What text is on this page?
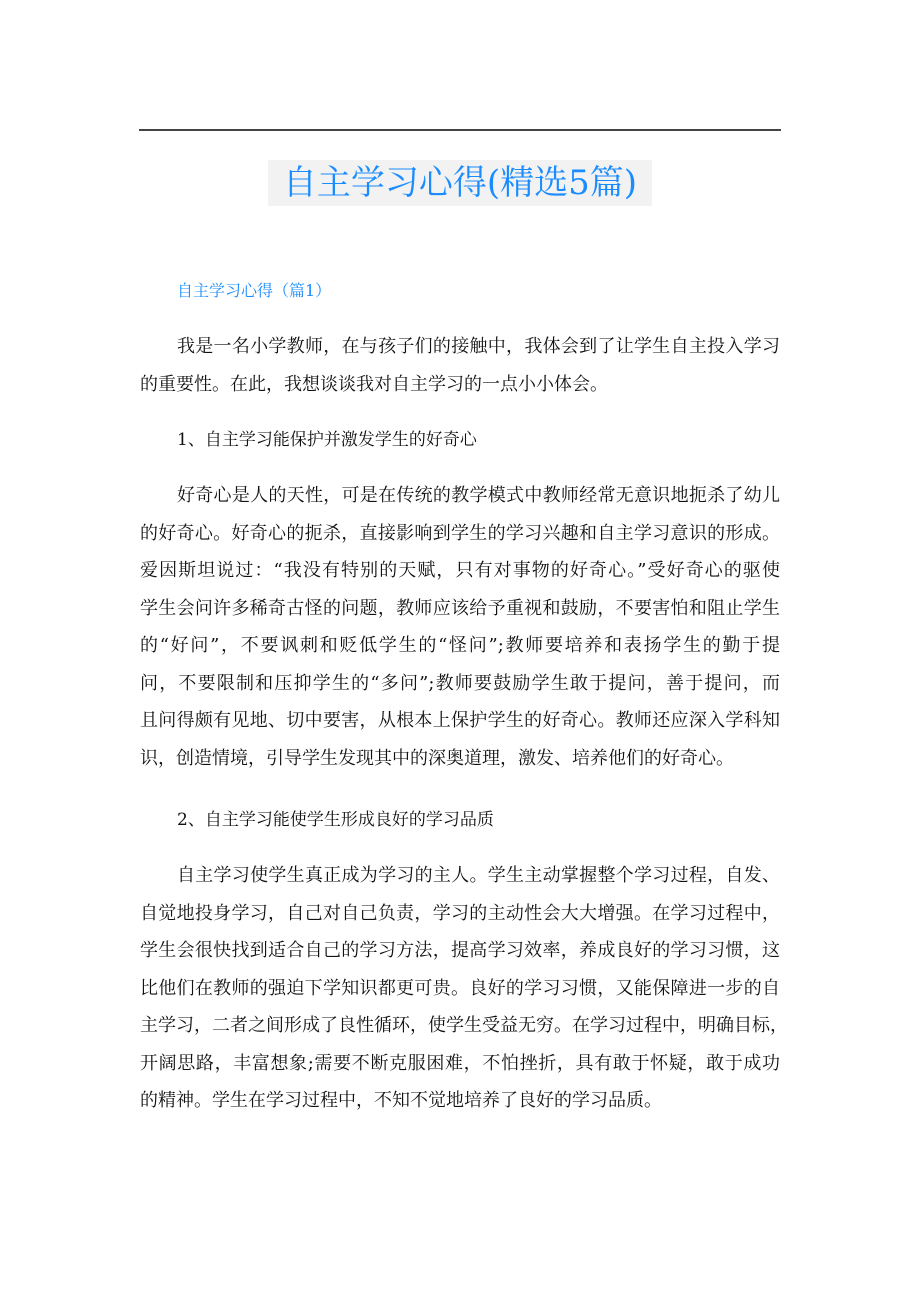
自主学习心得(精选5篇)
自主学习心得（篇1）
我是一名小学教师，在与孩子们的接触中，我体会到了让学生自主投入学习
的重要性。在此，我想谈谈我对自主学习的一点小小体会。
1、自主学习能保护并激发学生的好奇心
好奇心是人的天性，可是在传统的教学模式中教师经常无意识地扼杀了幼儿
的好奇心。好奇心的扼杀，直接影响到学生的学习兴趣和自主学习意识的形成。
爱因斯坦说过：“我没有特别的天赋，只有对事物的好奇心。”受好奇心的驱使
学生会问许多稀奇古怪的问题，教师应该给予重视和鼓励，不要害怕和阻止学生
的“好问”，不要讽刺和贬低学生的“怪问”;教师要培养和表扬学生的勤于提
问，不要限制和压抑学生的“多问”;教师要鼓励学生敢于提问，善于提问，而
且问得颇有见地、切中要害，从根本上保护学生的好奇心。教师还应深入学科知
识，创造情境，引导学生发现其中的深奥道理，激发、培养他们的好奇心。
2、自主学习能使学生形成良好的学习品质
自主学习使学生真正成为学习的主人。学生主动掌握整个学习过程，自发、
自觉地投身学习，自己对自己负责，学习的主动性会大大增强。在学习过程中，
学生会很快找到适合自己的学习方法，提高学习效率，养成良好的学习习惯，这
比他们在教师的强迫下学知识都更可贵。良好的学习习惯，又能保障进一步的自
主学习，二者之间形成了良性循环，使学生受益无穷。在学习过程中，明确目标，
开阔思路，丰富想象;需要不断克服困难，不怕挫折，具有敢于怀疑，敢于成功
的精神。学生在学习过程中，不知不觉地培养了良好的学习品质。
